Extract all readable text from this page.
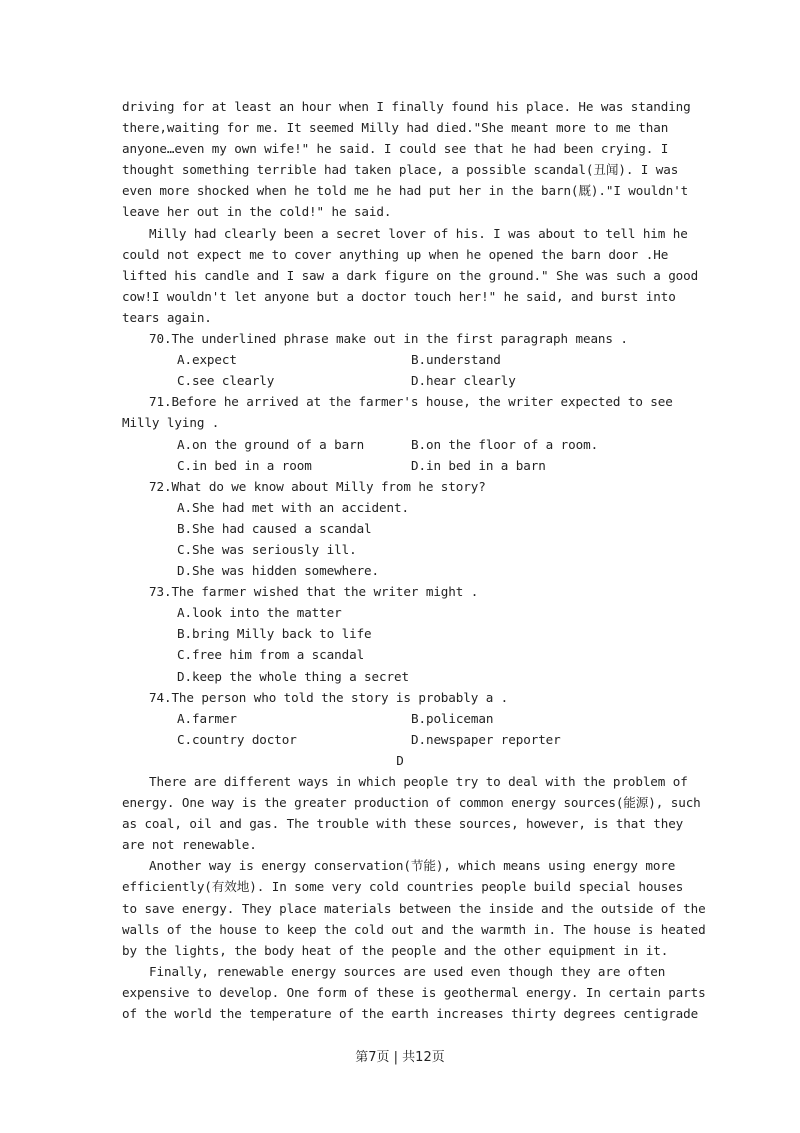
driving for at least an hour when I finally found his place. He was standing
there,waiting for me. It seemed Milly had died."She meant more to me than
anyone…even my own wife!" he said. I could see that he had been crying. I
thought something terrible had taken place, a possible scandal(丑闻). I was
even more shocked when he told me he had put her in the barn(厩)."I wouldn't
leave her out in the cold!" he said.
Milly had clearly been a secret lover of his. I was about to tell him he
could not expect me to cover anything up when he opened the barn door .He
lifted his candle and I saw a dark figure on the ground." She was such a good
cow!I wouldn't let anyone but a doctor touch her!" he said, and burst into
tears again.
70.The underlined phrase make out in the first paragraph means .
A.expect	B.understand
C.see clearly	D.hear clearly
71.Before he arrived at the farmer's house, the writer expected to see
Milly lying .
A.on the ground of a barn	B.on the floor of a room.
C.in bed in a room	D.in bed in a barn
72.What do we know about Milly from he story?
A.She had met with an accident.
B.She had caused a scandal
C.She was seriously ill.
D.She was hidden somewhere.
73.The farmer wished that the writer might .
A.look into the matter
B.bring Milly back to life
C.free him from a scandal
D.keep the whole thing a secret
74.The person who told the story is probably a .
A.farmer	B.policeman
C.country doctor	D.newspaper reporter
D
There are different ways in which people try to deal with the problem of
energy. One way is the greater production of common energy sources(能源), such
as coal, oil and gas. The trouble with these sources, however, is that they
are not renewable.
Another way is energy conservation(节能), which means using energy more
efficiently(有效地). In some very cold countries people build special houses
to save energy. They place materials between the inside and the outside of the
walls of the house to keep the cold out and the warmth in. The house is heated
by the lights, the body heat of the people and the other equipment in it.
Finally, renewable energy sources are used even though they are often
expensive to develop. One form of these is geothermal energy. In certain parts
of the world the temperature of the earth increases thirty degrees centigrade
第7页 | 共12页
